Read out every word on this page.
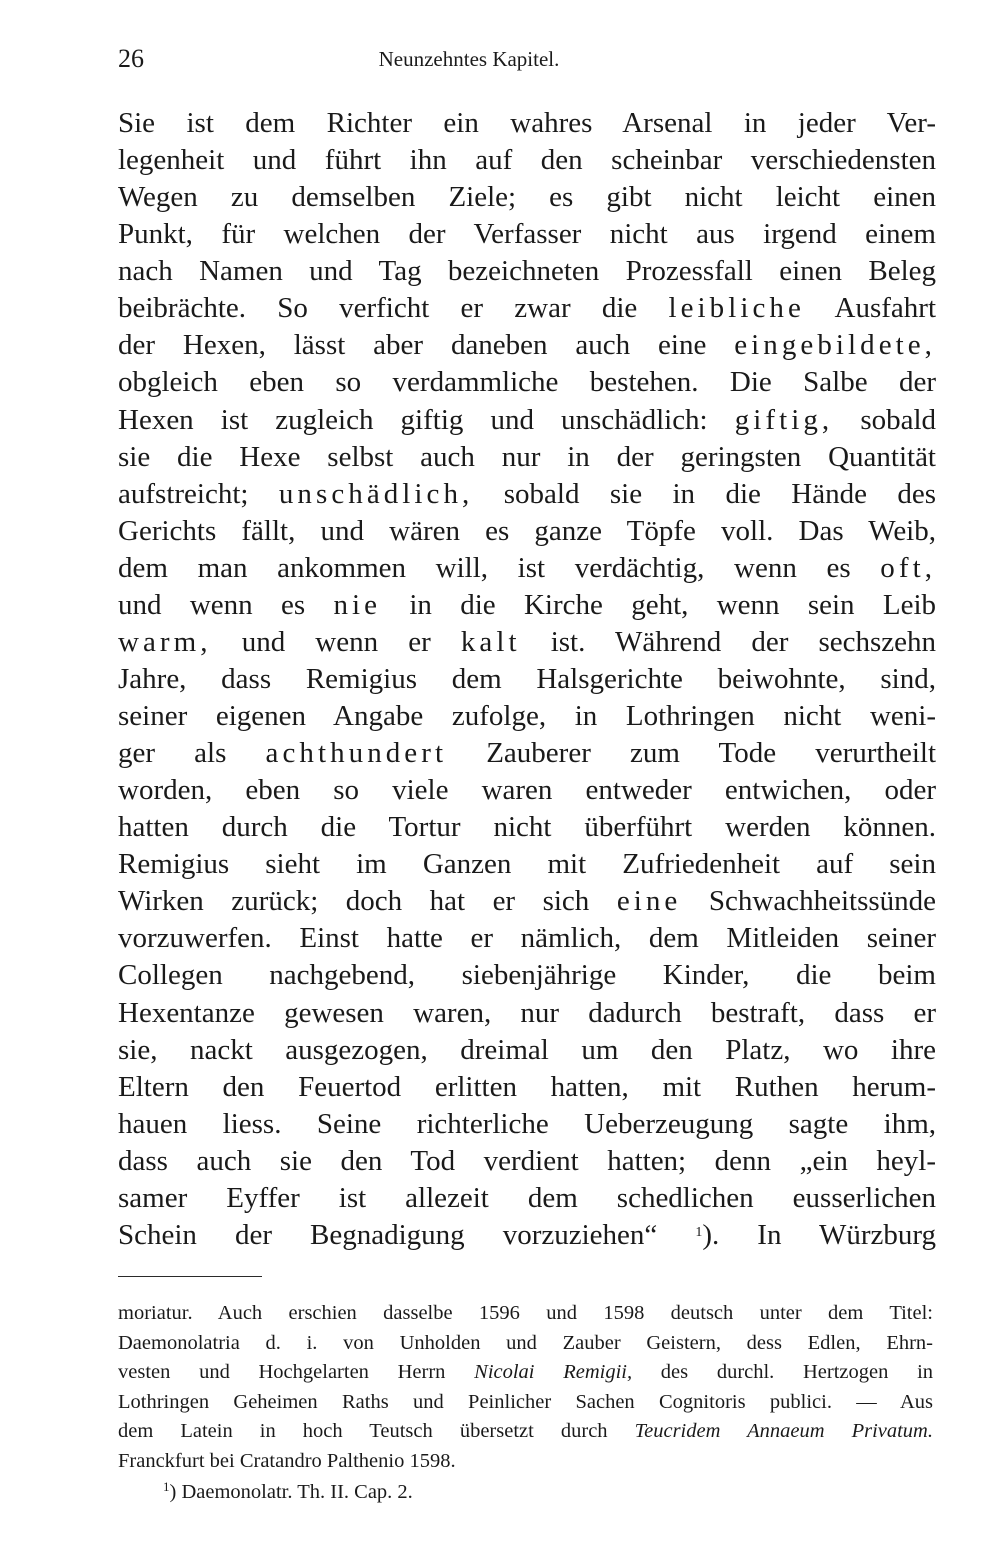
26	Neunzehntes Kapitel.
Sie ist dem Richter ein wahres Arsenal in jeder Ver-
legenheit und führt ihn auf den scheinbar verschiedensten
Wegen zu demselben Ziele; es gibt nicht leicht einen
Punkt, für welchen der Verfasser nicht aus irgend einem
nach Namen und Tag bezeichneten Prozessfall einen Beleg
beibrächte. So verficht er zwar die leibliche Ausfahrt
der Hexen, lässt aber daneben auch eine eingebildete,
obgleich eben so verdammliche bestehen. Die Salbe der
Hexen ist zugleich giftig und unschädlich: giftig, sobald
sie die Hexe selbst auch nur in der geringsten Quantität
aufstreicht; unschädlich, sobald sie in die Hände des
Gerichts fällt, und wären es ganze Töpfe voll. Das Weib,
dem man ankommen will, ist verdächtig, wenn es oft,
und wenn es nie in die Kirche geht, wenn sein Leib
warm, und wenn er kalt ist. Während der sechszehn
Jahre, dass Remigius dem Halsgerichte beiwohnte, sind,
seiner eigenen Angabe zufolge, in Lothringen nicht weni-
ger als achthundert Zauberer zum Tode verurtheilt
worden, eben so viele waren entweder entwichen, oder
hatten durch die Tortur nicht überführt werden können.
Remigius sieht im Ganzen mit Zufriedenheit auf sein
Wirken zurück; doch hat er sich eine Schwachheitssünde
vorzuwerfen. Einst hatte er nämlich, dem Mitleiden seiner
Collegen nachgebend, siebenjährige Kinder, die beim
Hexentanze gewesen waren, nur dadurch bestraft, dass er
sie, nackt ausgezogen, dreimal um den Platz, wo ihre
Eltern den Feuertod erlitten hatten, mit Ruthen herum-
hauen liess. Seine richterliche Ueberzeugung sagte ihm,
dass auch sie den Tod verdient hatten; denn „ein heyl-
samer Eyffer ist allezeit dem schedlichen eusserlichen
Schein der Begnadigung vorzuziehen“	$^1$). In Würzburg
moriatur. Auch erschien dasselbe 1596 und 1598 deutsch unter dem Titel:
Daemonolatria d. i. von Unholden und Zauber Geistern, dess Edlen, Ehrn-
vesten und Hochgelarten Herrn Nicolai Remigii, des durchl. Hertzogen in
Lothringen Geheimen Raths und Peinlicher Sachen Cognitoris publici. — Aus
dem Latein in hoch Teutsch übersetzt durch Teucridem Annaeum Privatum.
Franckfurt bei Cratandro Palthenio 1598.
$^1$) Daemonolatr. Th. II. Cap. 2.
